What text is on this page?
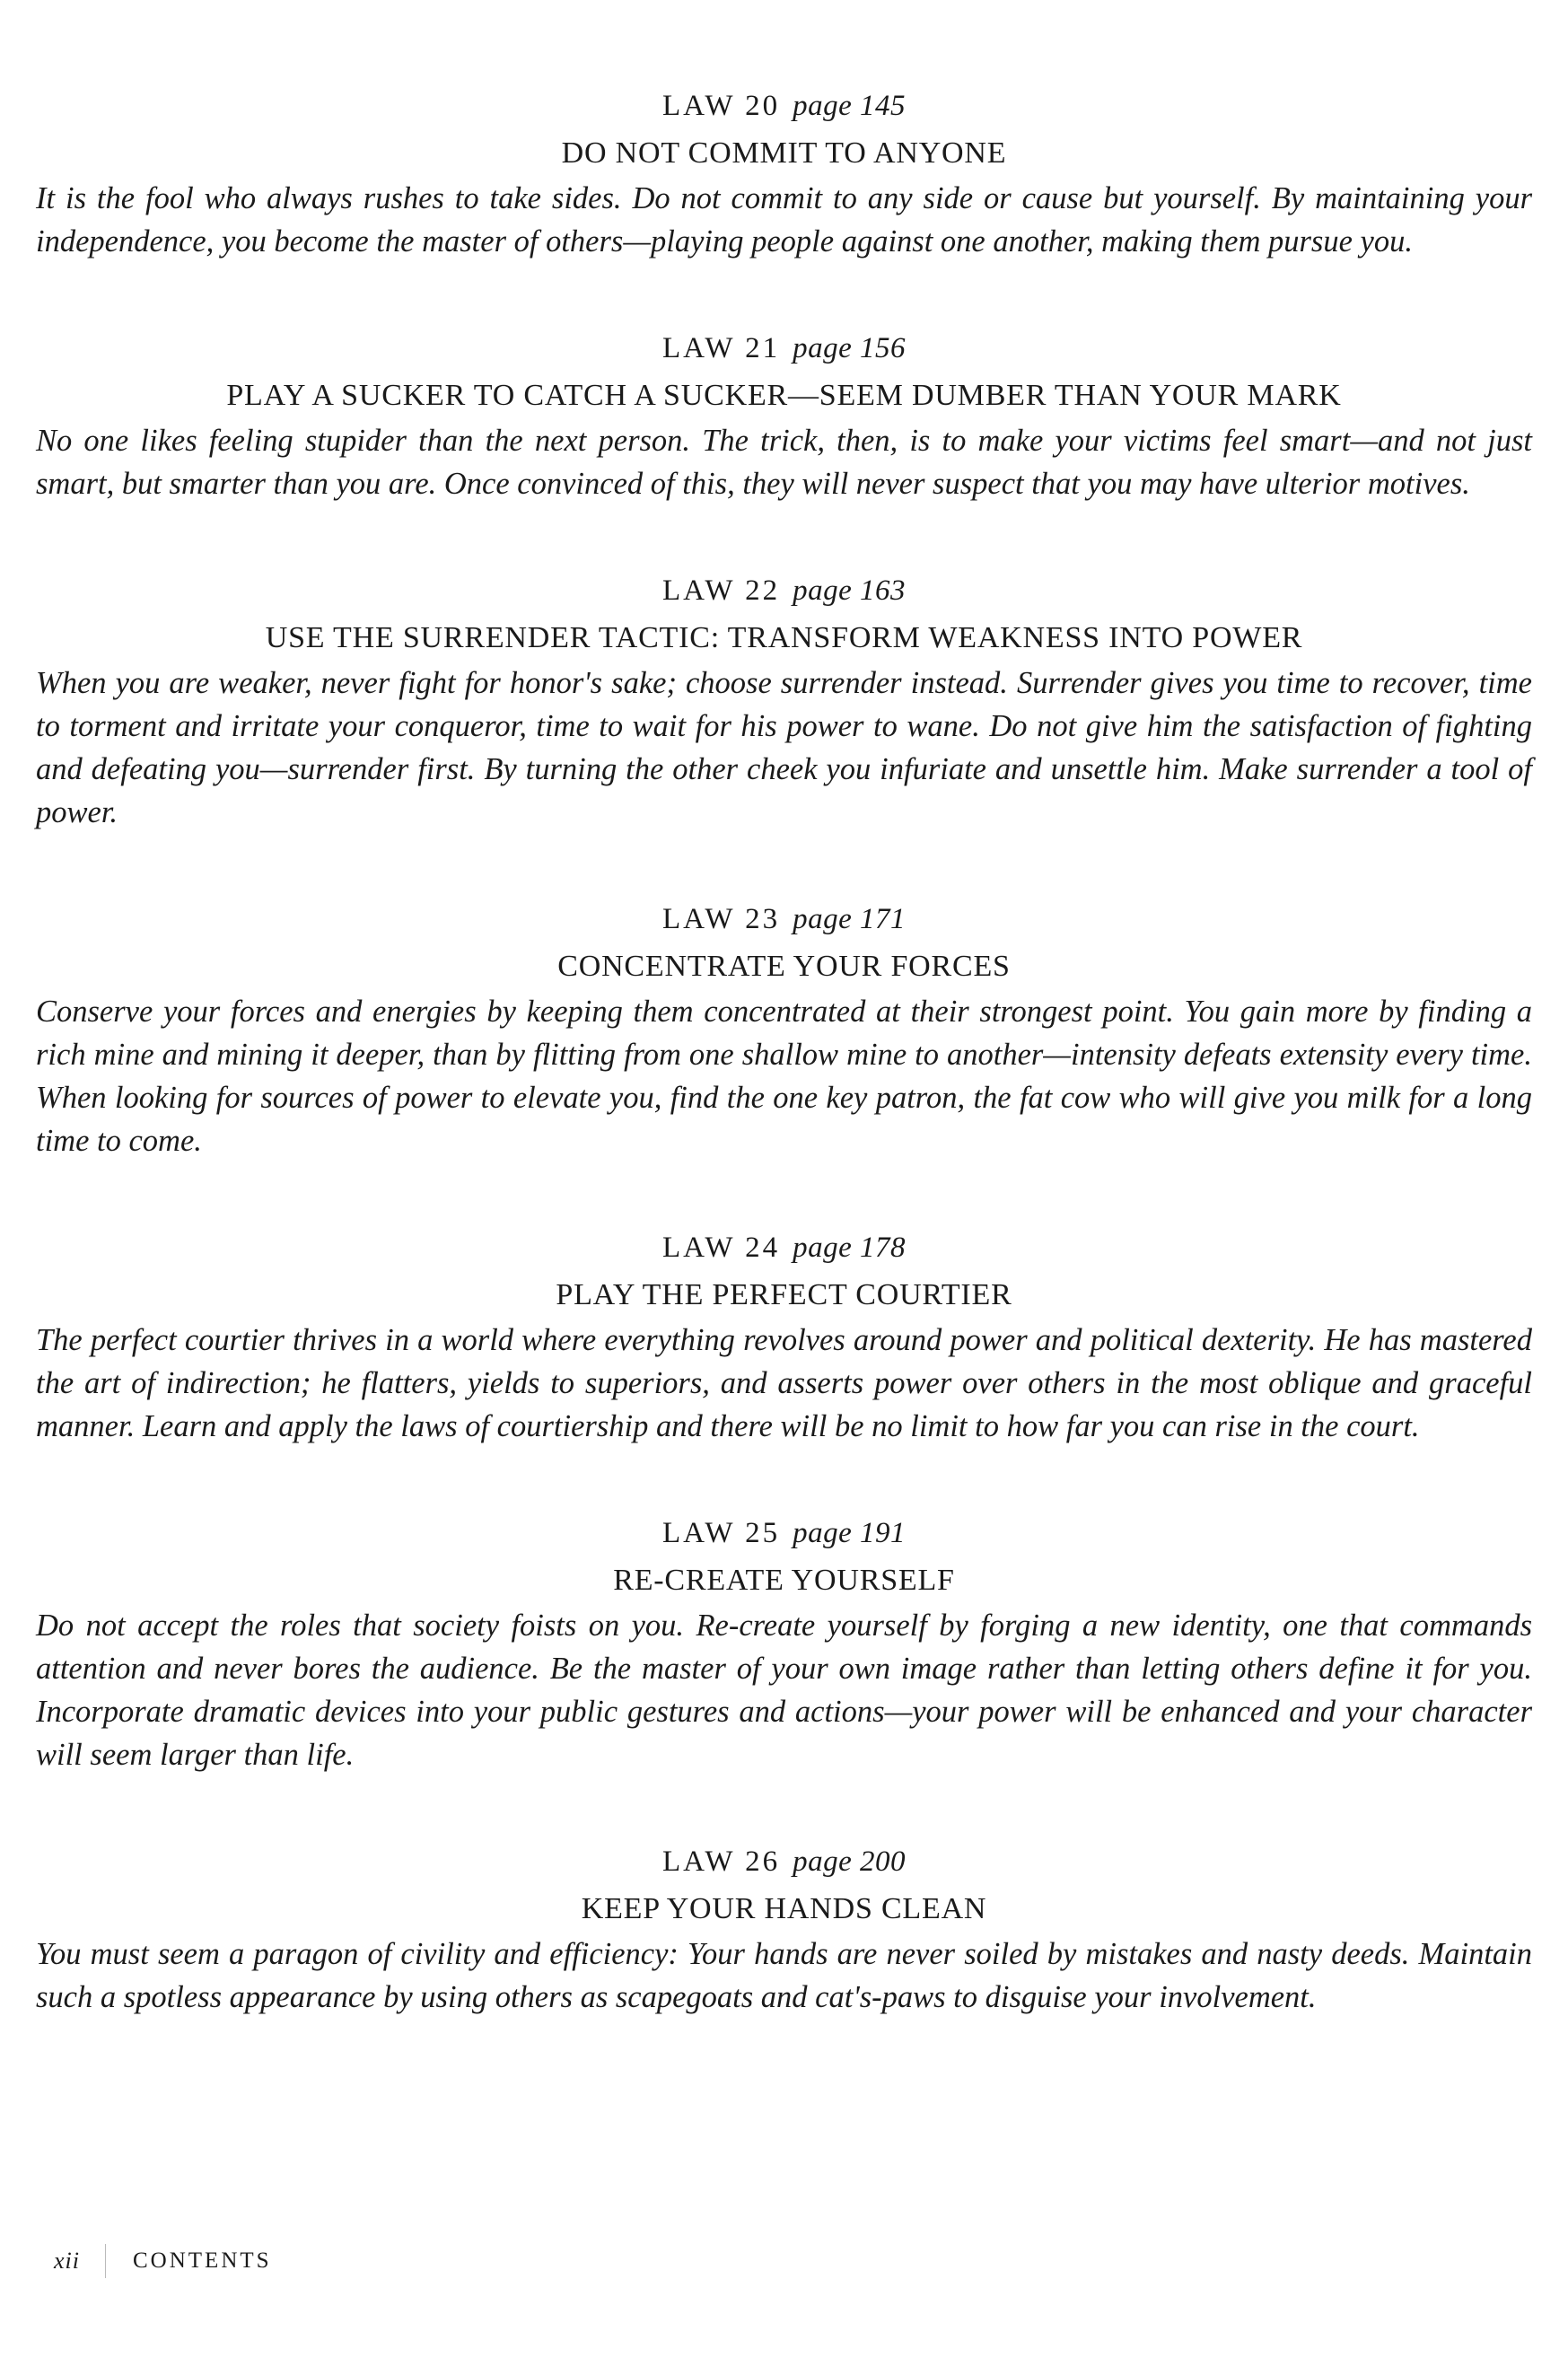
LAW 20 page 145

DO NOT COMMIT TO ANYONE

It is the fool who always rushes to take sides. Do not commit to any side or cause but yourself. By maintaining your independence, you become the master of others—playing people against one another, making them pursue you.

LAW 21 page 156

PLAY A SUCKER TO CATCH A SUCKER—SEEM DUMBER THAN YOUR MARK

No one likes feeling stupider than the next person. The trick, then, is to make your victims feel smart—and not just smart, but smarter than you are. Once convinced of this, they will never suspect that you may have ulterior motives.

LAW 22 page 163

USE THE SURRENDER TACTIC: TRANSFORM WEAKNESS INTO POWER

When you are weaker, never fight for honor's sake; choose surrender instead. Surrender gives you time to recover, time to torment and irritate your conqueror, time to wait for his power to wane. Do not give him the satisfaction of fighting and defeating you—surrender first. By turning the other cheek you infuriate and unsettle him. Make surrender a tool of power.

LAW 23 page 171

CONCENTRATE YOUR FORCES

Conserve your forces and energies by keeping them concentrated at their strongest point. You gain more by finding a rich mine and mining it deeper, than by flitting from one shallow mine to another—intensity defeats extensity every time. When looking for sources of power to elevate you, find the one key patron, the fat cow who will give you milk for a long time to come.

LAW 24 page 178

PLAY THE PERFECT COURTIER

The perfect courtier thrives in a world where everything revolves around power and political dexterity. He has mastered the art of indirection; he flatters, yields to superiors, and asserts power over others in the most oblique and graceful manner. Learn and apply the laws of courtiership and there will be no limit to how far you can rise in the court.

LAW 25 page 191

RE-CREATE YOURSELF

Do not accept the roles that society foists on you. Re-create yourself by forging a new identity, one that commands attention and never bores the audience. Be the master of your own image rather than letting others define it for you. Incorporate dramatic devices into your public gestures and actions—your power will be enhanced and your character will seem larger than life.

LAW 26 page 200

KEEP YOUR HANDS CLEAN

You must seem a paragon of civility and efficiency: Your hands are never soiled by mistakes and nasty deeds. Maintain such a spotless appearance by using others as scapegoats and cat's-paws to disguise your involvement.

xii CONTENTS
